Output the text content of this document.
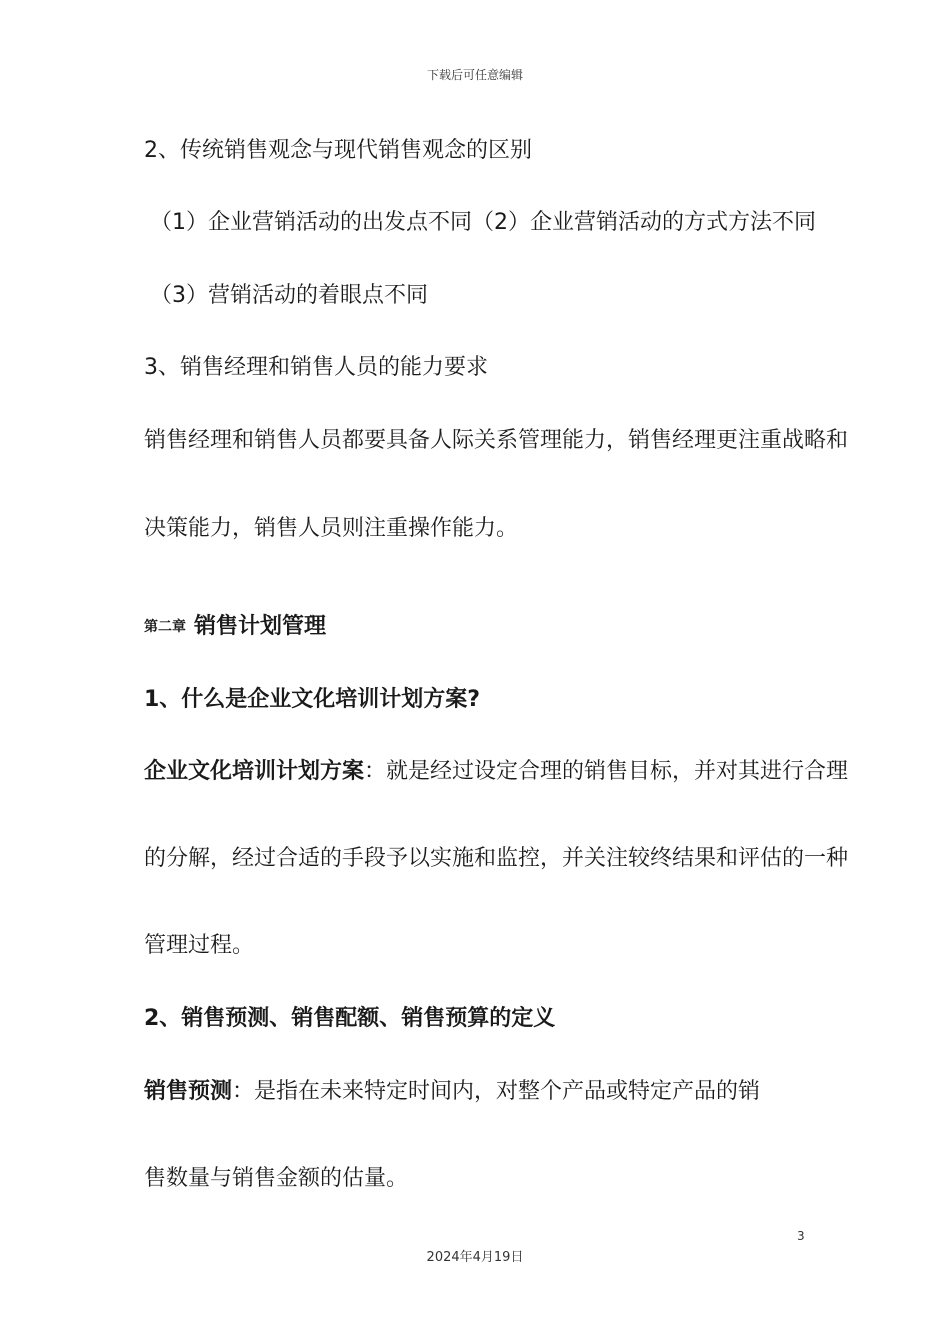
下载后可任意编辑
2、传统销售观念与现代销售观念的区别
（1）企业营销活动的出发点不同（2）企业营销活动的方式方法不同
（3）营销活动的着眼点不同
3、销售经理和销售人员的能力要求
销售经理和销售人员都要具备人际关系管理能力，销售经理更注重战略和
决策能力，销售人员则注重操作能力。
第二章 销售计划管理
1、什么是企业文化培训计划方案?
企业文化培训计划方案：就是经过设定合理的销售目标，并对其进行合理
的分解，经过合适的手段予以实施和监控，并关注较终结果和评估的一种
管理过程。
2、销售预测、销售配额、销售预算的定义
销售预测：是指在未来特定时间内，对整个产品或特定产品的销
售数量与销售金额的估量。
3
2024年4月19日
